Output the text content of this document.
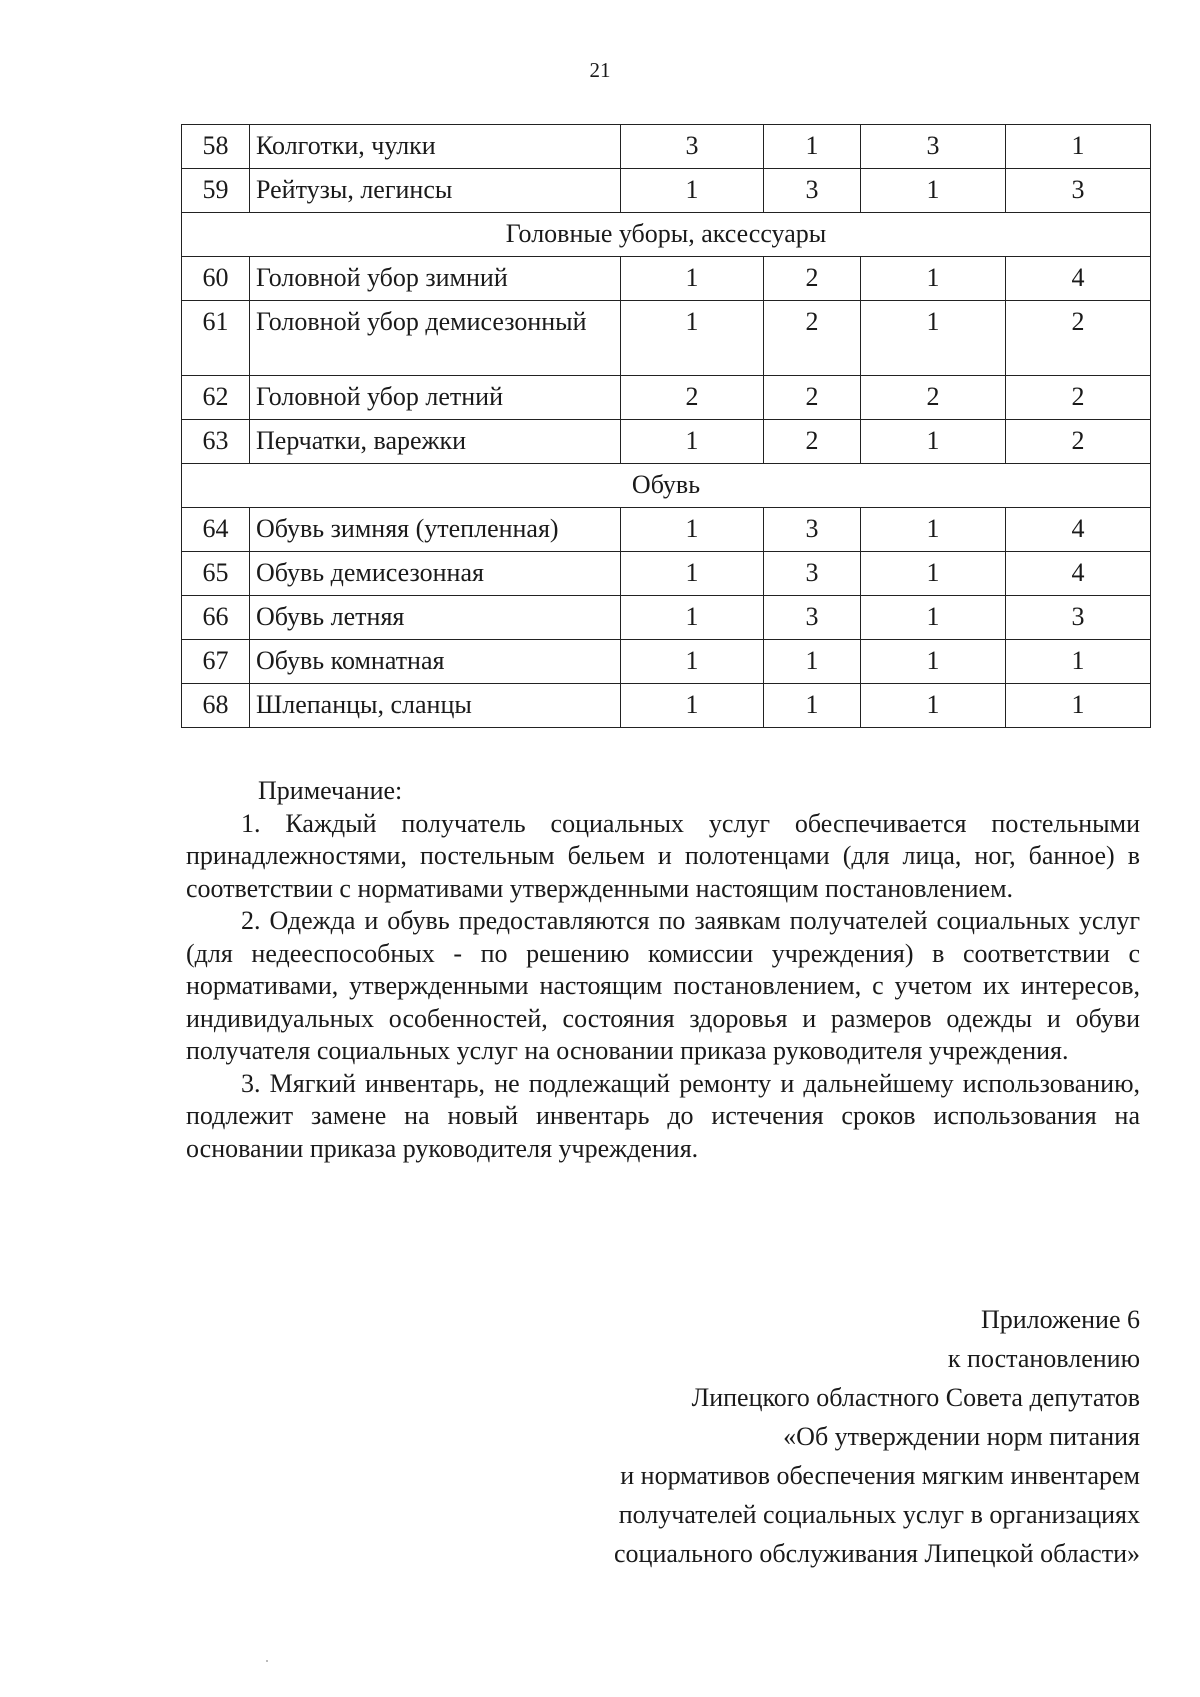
21
58	Колготки, чулки	3	1	3	1
59	Рейтузы, легинсы	1	3	1	3
Головные уборы, аксессуары					
60	Головной убор зимний	1	2	1	4
61	Головной убор демисезонный	1	2	1	2
62	Головной убор летний	2	2	2	2
63	Перчатки, варежки	1	2	1	2
Обувь					
64	Обувь зимняя (утепленная)	1	3	1	4
65	Обувь демисезонная	1	3	1	4
66	Обувь летняя	1	3	1	3
67	Обувь комнатная	1	1	1	1
68	Шлепанцы, сланцы	1	1	1	1

Примечание:

1. Каждый получатель социальных услуг обеспечивается постельными принадлежностями, постельным бельем и полотенцами (для лица, ног, банное) в соответствии с нормативами утвержденными настоящим постановлением.

2. Одежда и обувь предоставляются по заявкам получателей социальных услуг (для недееспособных - по решению комиссии учреждения) в соответствии с нормативами, утвержденными настоящим постановлением, с учетом их интересов, индивидуальных особенностей, состояния здоровья и размеров одежды и обуви получателя социальных услуг на основании приказа руководителя учреждения.

3. Мягкий инвентарь, не подлежащий ремонту и дальнейшему использованию, подлежит замене на новый инвентарь до истечения сроков использования на основании приказа руководителя учреждения.

Приложение 6
к постановлению
Липецкого областного Совета депутатов
«Об утверждении норм питания
и нормативов обеспечения мягким инвентарем
получателей социальных услуг в организациях
социального обслуживания Липецкой области»
